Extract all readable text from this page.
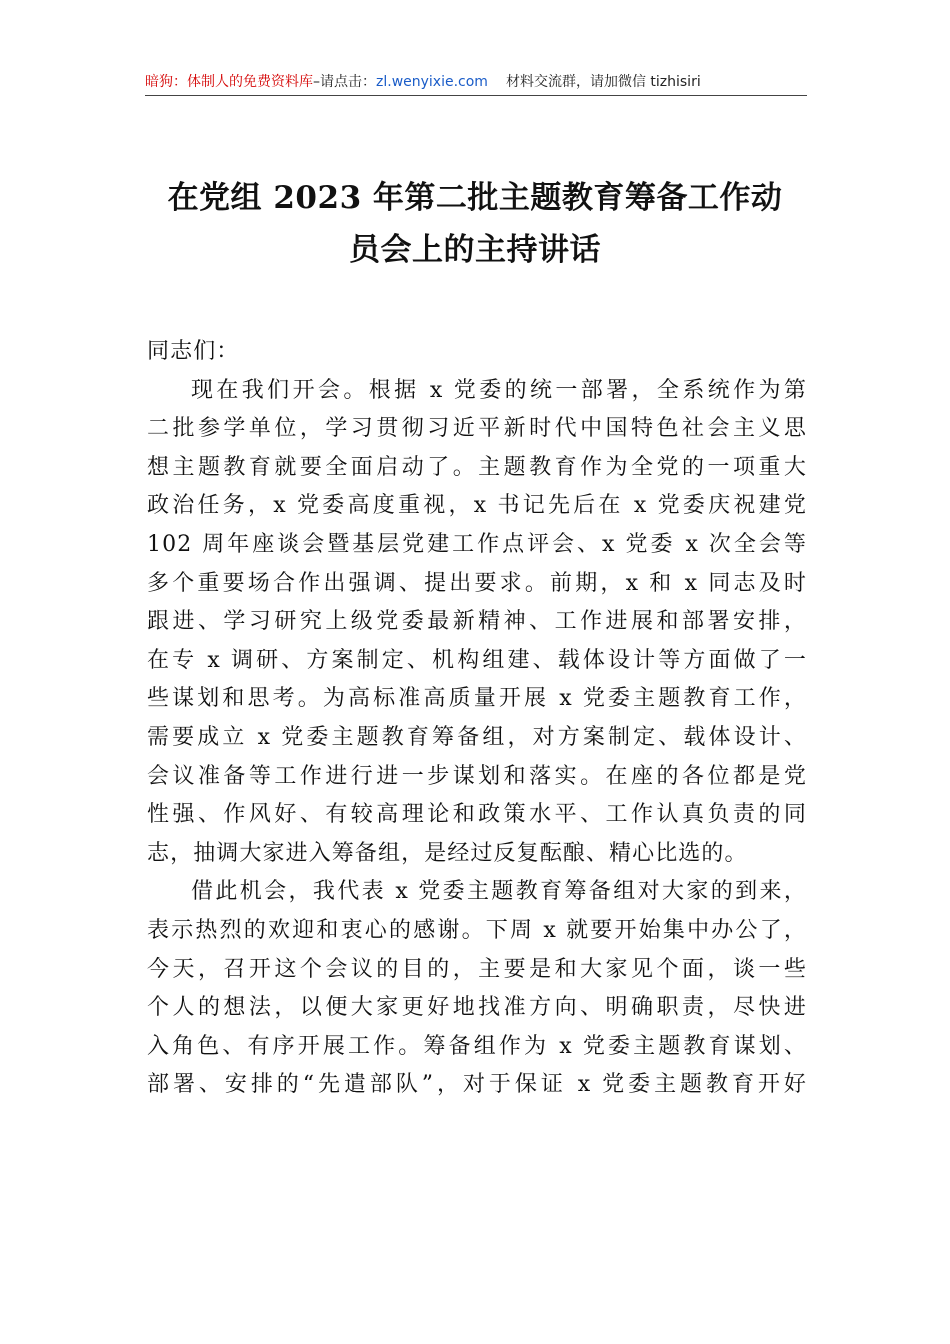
暗狗：体制人的免费资料库–请点击：zl.wenyixie.com 材料交流群，请加微信 tizhisiri
在党组 2023 年第二批主题教育筹备工作动
员会上的主持讲话
同志们：
现在我们开会。根据 x 党委的统一部署，全系统作为第
二批参学单位，学习贯彻习近平新时代中国特色社会主义思
想主题教育就要全面启动了。主题教育作为全党的一项重大
政治任务，x 党委高度重视，x 书记先后在 x 党委庆祝建党
102 周年座谈会暨基层党建工作点评会、x 党委 x 次全会等
多个重要场合作出强调、提出要求。前期，x 和 x 同志及时
跟进、学习研究上级党委最新精神、工作进展和部署安排，
在专 x 调研、方案制定、机构组建、载体设计等方面做了一
些谋划和思考。为高标准高质量开展 x 党委主题教育工作，
需要成立 x 党委主题教育筹备组，对方案制定、载体设计、
会议准备等工作进行进一步谋划和落实。在座的各位都是党
性强、作风好、有较高理论和政策水平、工作认真负责的同
志，抽调大家进入筹备组，是经过反复酝酿、精心比选的。
借此机会，我代表 x 党委主题教育筹备组对大家的到来，
表示热烈的欢迎和衷心的感谢。下周 x 就要开始集中办公了，
今天，召开这个会议的目的，主要是和大家见个面，谈一些
个人的想法，以便大家更好地找准方向、明确职责，尽快进
入角色、有序开展工作。筹备组作为 x 党委主题教育谋划、
部署、安排的“先遣部队”，对于保证 x 党委主题教育开好
